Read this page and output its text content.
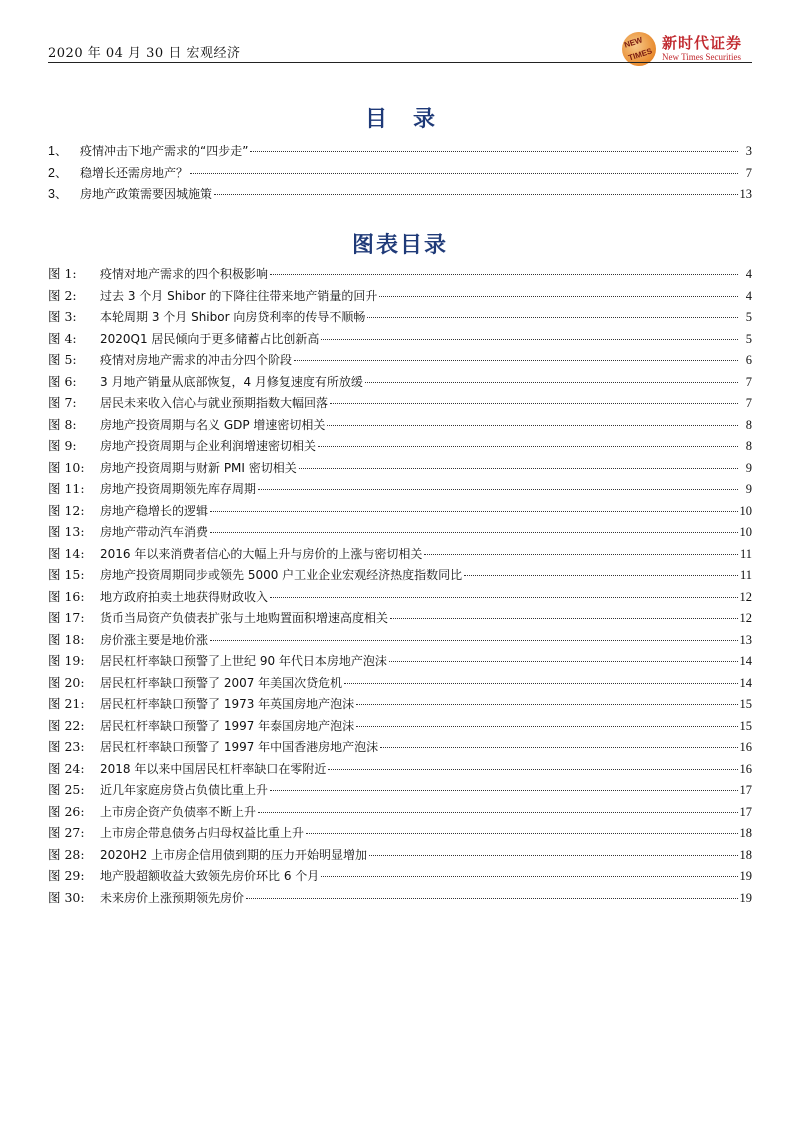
2020 年 04 月 30 日 宏观经济
NEW
TIMES
新时代证券
New Times Securities
目录
1、	疫情冲击下地产需求的“四步走”	3
2、	稳增长还需房地产？	7
3、	房地产政策需要因城施策	13
图表目录
图 1:	疫情对地产需求的四个积极影响	4
图 2:	过去 3 个月 Shibor 的下降往往带来地产销量的回升	4
图 3:	本轮周期 3 个月 Shibor 向房贷利率的传导不顺畅	5
图 4:	2020Q1 居民倾向于更多储蓄占比创新高	5
图 5:	疫情对房地产需求的冲击分四个阶段	6
图 6:	3 月地产销量从底部恢复，4 月修复速度有所放缓	7
图 7:	居民未来收入信心与就业预期指数大幅回落	7
图 8:	房地产投资周期与名义 GDP 增速密切相关	8
图 9:	房地产投资周期与企业利润增速密切相关	8
图 10:	房地产投资周期与财新 PMI 密切相关	9
图 11:	房地产投资周期领先库存周期	9
图 12:	房地产稳增长的逻辑	10
图 13:	房地产带动汽车消费	10
图 14:	2016 年以来消费者信心的大幅上升与房价的上涨与密切相关	11
图 15:	房地产投资周期同步或领先 5000 户工业企业宏观经济热度指数同比	11
图 16:	地方政府拍卖土地获得财政收入	12
图 17:	货币当局资产负债表扩张与土地购置面积增速高度相关	12
图 18:	房价涨主要是地价涨	13
图 19:	居民杠杆率缺口预警了上世纪 90 年代日本房地产泡沫	14
图 20:	居民杠杆率缺口预警了 2007 年美国次贷危机	14
图 21:	居民杠杆率缺口预警了 1973 年英国房地产泡沫	15
图 22:	居民杠杆率缺口预警了 1997 年泰国房地产泡沫	15
图 23:	居民杠杆率缺口预警了 1997 年中国香港房地产泡沫	16
图 24:	2018 年以来中国居民杠杆率缺口在零附近	16
图 25:	近几年家庭房贷占负债比重上升	17
图 26:	上市房企资产负债率不断上升	17
图 27:	上市房企带息债务占归母权益比重上升	18
图 28:	2020H2 上市房企信用债到期的压力开始明显增加	18
图 29:	地产股超额收益大致领先房价环比 6 个月	19
图 30:	未来房价上涨预期领先房价	19
